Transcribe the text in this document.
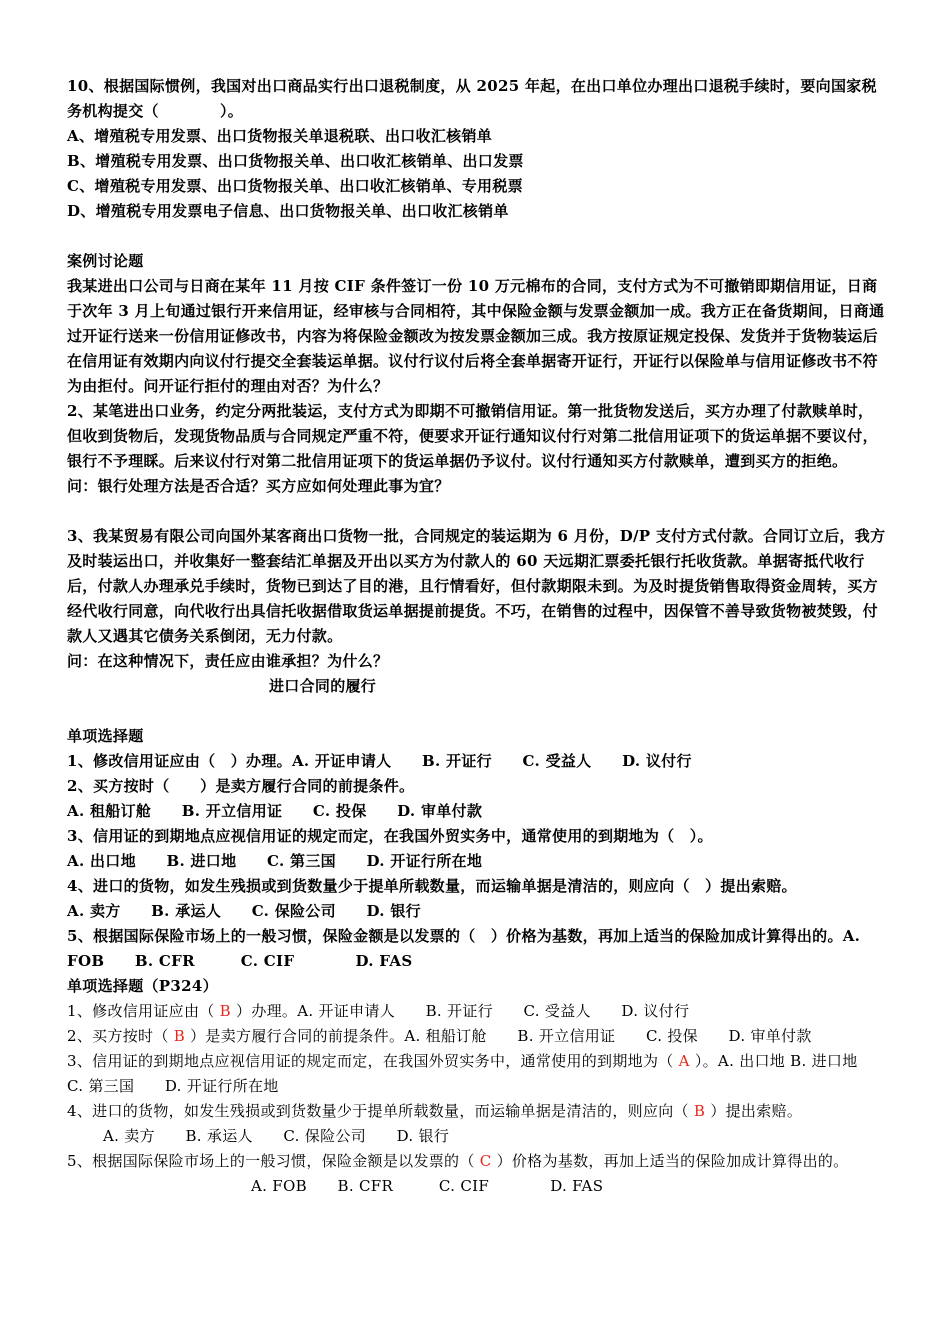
10、根据国际惯例，我国对出口商品实行出口退税制度，从 2025 年起，在出口单位办理出口退税手续时，要向国家税务机构提交（　　　　）。

A、增殖税专用发票、出口货物报关单退税联、出口收汇核销单

B、增殖税专用发票、出口货物报关单、出口收汇核销单、出口发票

C、增殖税专用发票、出口货物报关单、出口收汇核销单、专用税票

D、增殖税专用发票电子信息、出口货物报关单、出口收汇核销单

案例讨论题

我某进出口公司与日商在某年 11 月按 CIF 条件签订一份 10 万元棉布的合同，支付方式为不可撤销即期信用证，日商于次年 3 月上旬通过银行开来信用证，经审核与合同相符，其中保险金额与发票金额加一成。我方正在备货期间，日商通过开证行送来一份信用证修改书，内容为将保险金额改为按发票金额加三成。我方按原证规定投保、发货并于货物装运后在信用证有效期内向议付行提交全套装运单据。议付行议付后将全套单据寄开证行，开证行以保险单与信用证修改书不符为由拒付。问开证行拒付的理由对否？为什么？

2、某笔进出口业务，约定分两批装运，支付方式为即期不可撤销信用证。第一批货物发送后，买方办理了付款赎单时，但收到货物后，发现货物品质与合同规定严重不符，便要求开证行通知议付行对第二批信用证项下的货运单据不要议付，银行不予理睬。后来议付行对第二批信用证项下的货运单据仍予议付。议付行通知买方付款赎单，遭到买方的拒绝。

问：银行处理方法是否合适？买方应如何处理此事为宜？

3、我某贸易有限公司向国外某客商出口货物一批，合同规定的装运期为 6 月份，D/P 支付方式付款。合同订立后，我方及时装运出口，并收集好一整套结汇单据及开出以买方为付款人的 60 天远期汇票委托银行托收货款。单据寄抵代收行后，付款人办理承兑手续时，货物已到达了目的港，且行情看好，但付款期限未到。为及时提货销售取得资金周转，买方经代收行同意，向代收行出具信托收据借取货运单据提前提货。不巧，在销售的过程中，因保管不善导致货物被焚毁，付款人又遇其它债务关系倒闭，无力付款。

问：在这种情况下，责任应由谁承担？为什么？

进口合同的履行

单项选择题

1、修改信用证应由（　）办理。A. 开证申请人　　B. 开证行　　C. 受益人　　D. 议付行

2、买方按时（　　）是卖方履行合同的前提条件。

A. 租船订舱　　B. 开立信用证　　C. 投保　　D. 审单付款

3、信用证的到期地点应视信用证的规定而定，在我国外贸实务中，通常使用的到期地为（　）。

A. 出口地　　B. 进口地　　C. 第三国　　D. 开证行所在地

4、进口的货物，如发生残损或到货数量少于提单所载数量，而运输单据是清洁的，则应向（　）提出索赔。

A. 卖方　　B. 承运人　　C. 保险公司　　D. 银行

5、根据国际保险市场上的一般习惯，保险金额是以发票的（　）价格为基数，再加上适当的保险加成计算得出的。A. FOB　　B. CFR　　　C. CIF　　　　D. FAS

单项选择题（P324）

1、修改信用证应由（ B ）办理。A. 开证申请人　　B. 开证行　　C. 受益人　　D. 议付行

2、买方按时（ B ）是卖方履行合同的前提条件。A. 租船订舱　　B. 开立信用证　　C. 投保　　D. 审单付款

3、信用证的到期地点应视信用证的规定而定，在我国外贸实务中，通常使用的到期地为（ A ）。A. 出口地 B. 进口地　　C. 第三国　　D. 开证行所在地

4、进口的货物，如发生残损或到货数量少于提单所载数量，而运输单据是清洁的，则应向（ B ）提出索赔。

A. 卖方　　B. 承运人　　C. 保险公司　　D. 银行

5、根据国际保险市场上的一般习惯，保险金额是以发票的（ C ）价格为基数，再加上适当的保险加成计算得出的。

A. FOB　　B. CFR　　　C. CIF　　　　D. FAS
